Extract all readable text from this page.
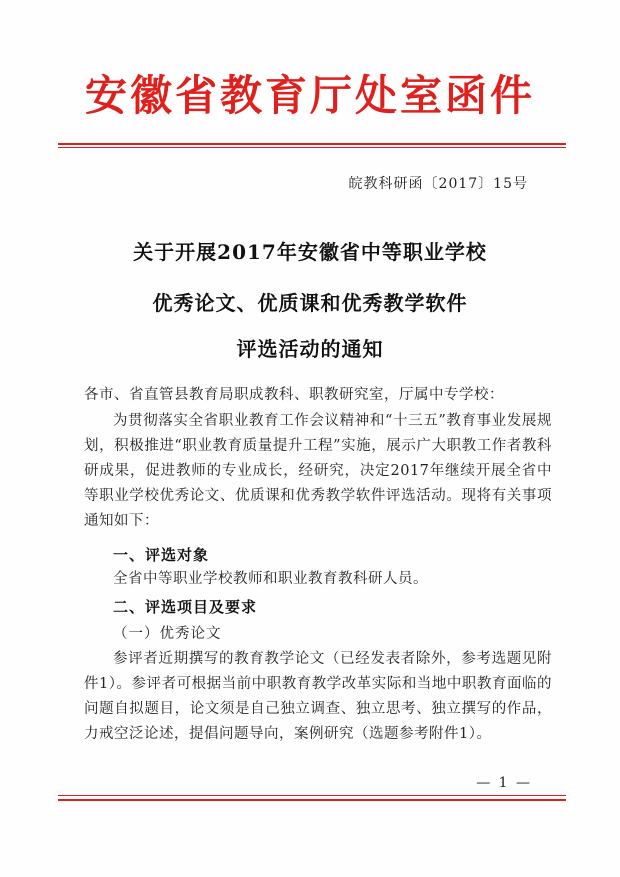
安徽省教育厅处室函件
皖教科研函〔2017〕15号
关于开展2017年安徽省中等职业学校
优秀论文、优质课和优秀教学软件
评选活动的通知
各市、省直管县教育局职成教科、职教研究室，厅属中专学校：
为贯彻落实全省职业教育工作会议精神和“十三五”教育事业发展规划，积极推进“职业教育质量提升工程”实施，展示广大职教工作者教科研成果，促进教师的专业成长，经研究，决定2017年继续开展全省中等职业学校优秀论文、优质课和优秀教学软件评选活动。现将有关事项通知如下：
一、评选对象
全省中等职业学校教师和职业教育教科研人员。
二、评选项目及要求
（一）优秀论文
参评者近期撰写的教育教学论文（已经发表者除外，参考选题见附件1）。参评者可根据当前中职教育教学改革实际和当地中职教育面临的问题自拟题目，论文须是自己独立调查、独立思考、独立撰写的作品，力戒空泛论述，提倡问题导向，案例研究（选题参考附件1）。
— 1 —
